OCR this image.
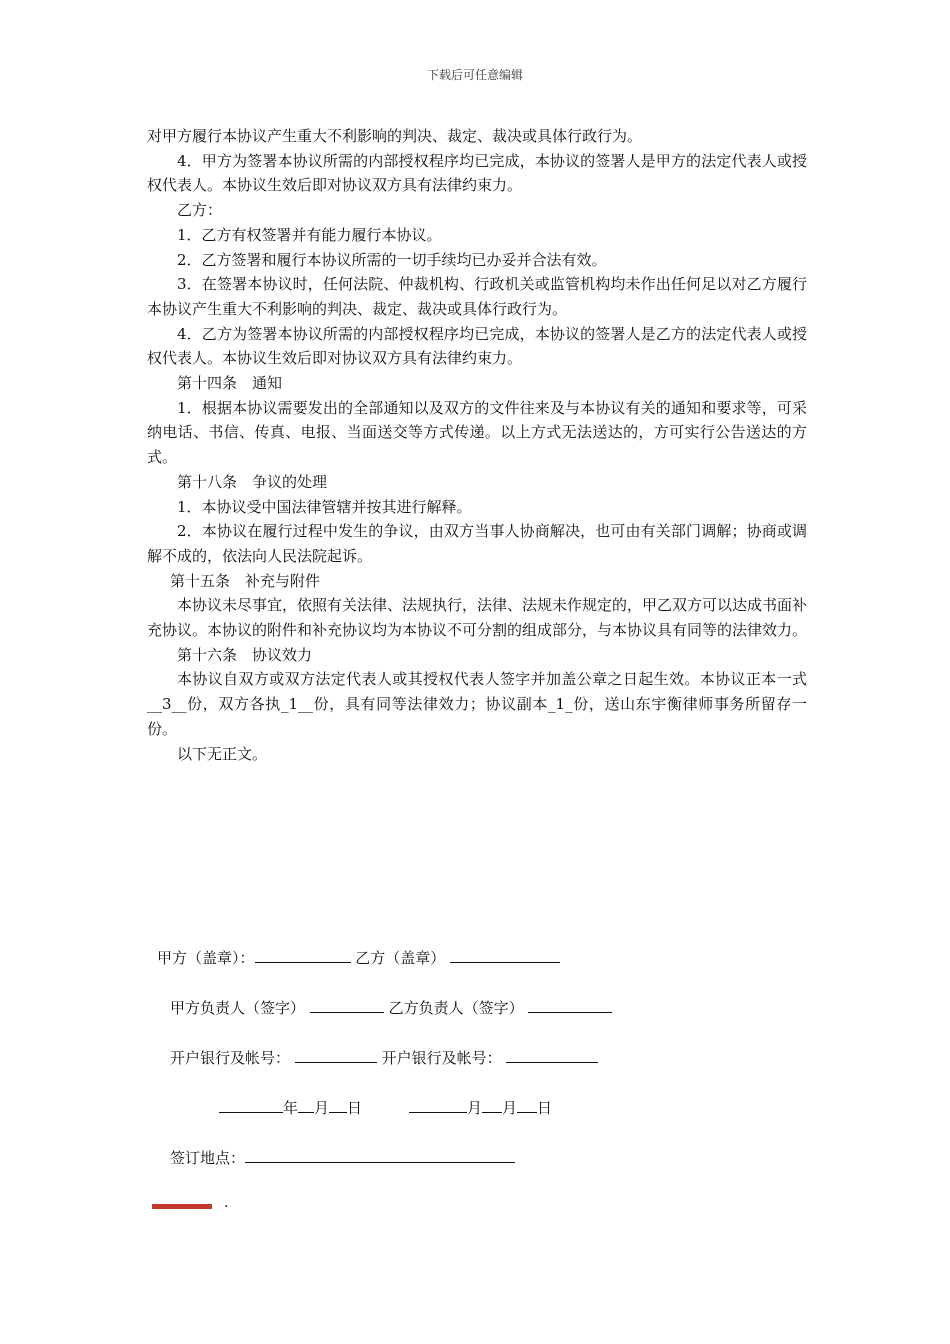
下载后可任意编辑

对甲方履行本协议产生重大不利影响的判决、裁定、裁决或具体行政行为。

4．甲方为签署本协议所需的内部授权程序均已完成，本协议的签署人是甲方的法定代表人或授权代表人。本协议生效后即对协议双方具有法律约束力。

乙方：

1．乙方有权签署并有能力履行本协议。

2．乙方签署和履行本协议所需的一切手续均已办妥并合法有效。

3．在签署本协议时，任何法院、仲裁机构、行政机关或监管机构均未作出任何足以对乙方履行本协议产生重大不利影响的判决、裁定、裁决或具体行政行为。

4．乙方为签署本协议所需的内部授权程序均已完成，本协议的签署人是乙方的法定代表人或授权代表人。本协议生效后即对协议双方具有法律约束力。

第十四条　通知

1．根据本协议需要发出的全部通知以及双方的文件往来及与本协议有关的通知和要求等，可采纳电话、书信、传真、电报、当面送交等方式传递。以上方式无法送达的，方可实行公告送达的方式。

第十八条　争议的处理

1．本协议受中国法律管辖并按其进行解释。

2．本协议在履行过程中发生的争议，由双方当事人协商解决，也可由有关部门调解；协商或调解不成的，依法向人民法院起诉。

第十五条　补充与附件

本协议未尽事宜，依照有关法律、法规执行，法律、法规未作规定的，甲乙双方可以达成书面补充协议。本协议的附件和补充协议均为本协议不可分割的组成部分，与本协议具有同等的法律效力。

第十六条　协议效力

本协议自双方或双方法定代表人或其授权代表人签字并加盖公章之日起生效。本协议正本一式__3__份，双方各执_1__份，具有同等法律效力；协议副本_1_份，送山东宇衡律师事务所留存一份。

以下无正文。

甲方（盖章）：	乙方（盖章）
甲方负责人（签字）	乙方负责人（签字）
开户银行及帐号：	开户银行及帐号：
年 月 日	月 月 日
签订地点：
.
